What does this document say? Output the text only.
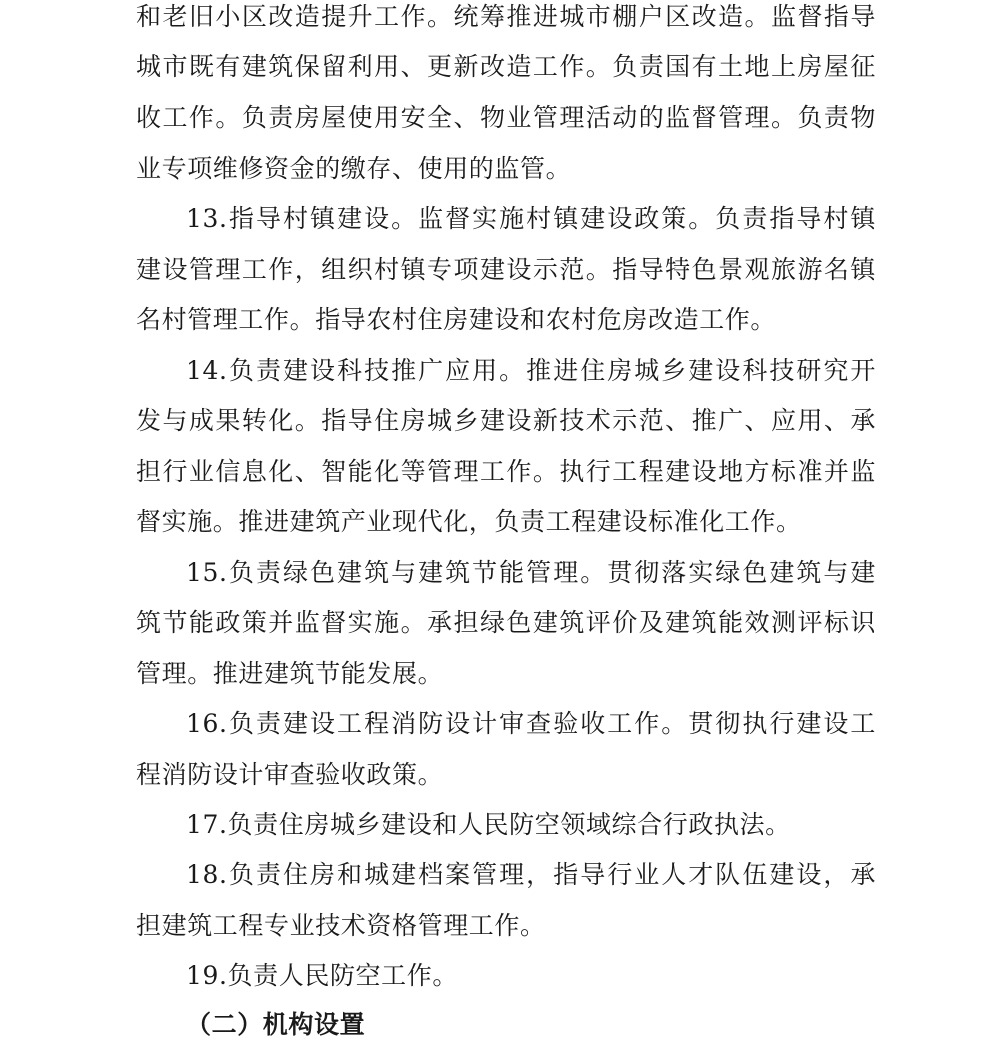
和老旧小区改造提升工作。统筹推进城市棚户区改造。监督指导
城市既有建筑保留利用、更新改造工作。负责国有土地上房屋征
收工作。负责房屋使用安全、物业管理活动的监督管理。负责物
业专项维修资金的缴存、使用的监管。
13.指导村镇建设。监督实施村镇建设政策。负责指导村镇
建设管理工作，组织村镇专项建设示范。指导特色景观旅游名镇
名村管理工作。指导农村住房建设和农村危房改造工作。
14.负责建设科技推广应用。推进住房城乡建设科技研究开
发与成果转化。指导住房城乡建设新技术示范、推广、应用、承
担行业信息化、智能化等管理工作。执行工程建设地方标准并监
督实施。推进建筑产业现代化，负责工程建设标准化工作。
15.负责绿色建筑与建筑节能管理。贯彻落实绿色建筑与建
筑节能政策并监督实施。承担绿色建筑评价及建筑能效测评标识
管理。推进建筑节能发展。
16.负责建设工程消防设计审查验收工作。贯彻执行建设工
程消防设计审查验收政策。
17.负责住房城乡建设和人民防空领域综合行政执法。
18.负责住房和城建档案管理，指导行业人才队伍建设，承
担建筑工程专业技术资格管理工作。
19.负责人民防空工作。
（二）机构设置
